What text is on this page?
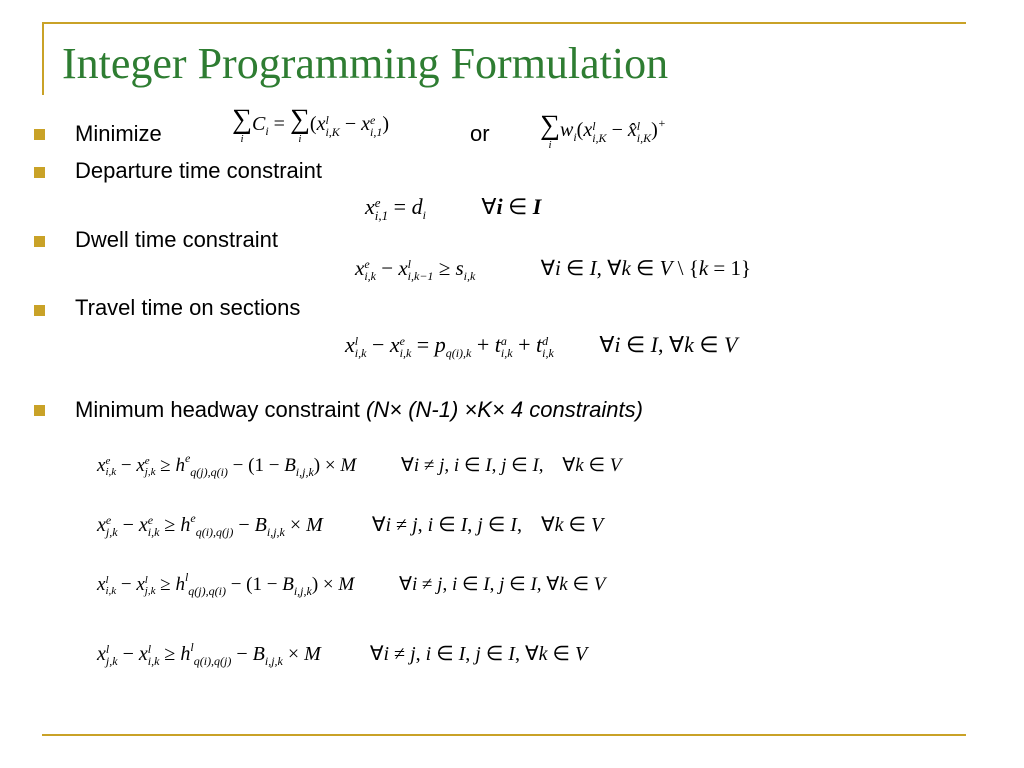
Integer Programming Formulation
Minimize	∑
i
$C_i$ = ∑
i
(x l
i,K − x e
i,1 )	or ∑
i
$w_i(x$ l
i,K − x̂ l
i,K )+
Departure time constraint
x e
$i,1 = d_i$	∀i ∈ I
Dwell time constraint
x e
i,k − x l
$i,k-1 \ge s_{i,k}$	∀i ∈ I, ∀k ∈ V \ {k = 1}
Travel time on sections
x l
i,k − x e
$i,k = p_{q(i),k} + t$ a
i,k + t d
i,k ∀i ∈ I, ∀k ∈ V
Minimum headway constraint (N× (N-1) ×K× 4 constraints)
x e
i,k − x e
$j,k \ge h^e_{q(j),q(i)} - (1 - B_{i,j,k}) \times M$ ∀i ≠ j, i ∈ I, j ∈ I, ∀k ∈ V
x e
j,k − x e
$i,k \ge h^e_{q(i),q(j)} - B_{i,j,k} \times M$ ∀i ≠ j, i ∈ I, j ∈ I, ∀k ∈ V
x l
i,k − x l
$j,k \ge h^l_{q(j),q(i)} - (1 - B_{i,j,k}) \times M$ ∀i ≠ j, i ∈ I, j ∈ I, ∀k ∈ V
x l
j,k − x l
$i,k \ge h^l_{q(i),q(j)} - B_{i,j,k} \times M$ ∀i ≠ j, i ∈ I, j ∈ I, ∀k ∈ V
